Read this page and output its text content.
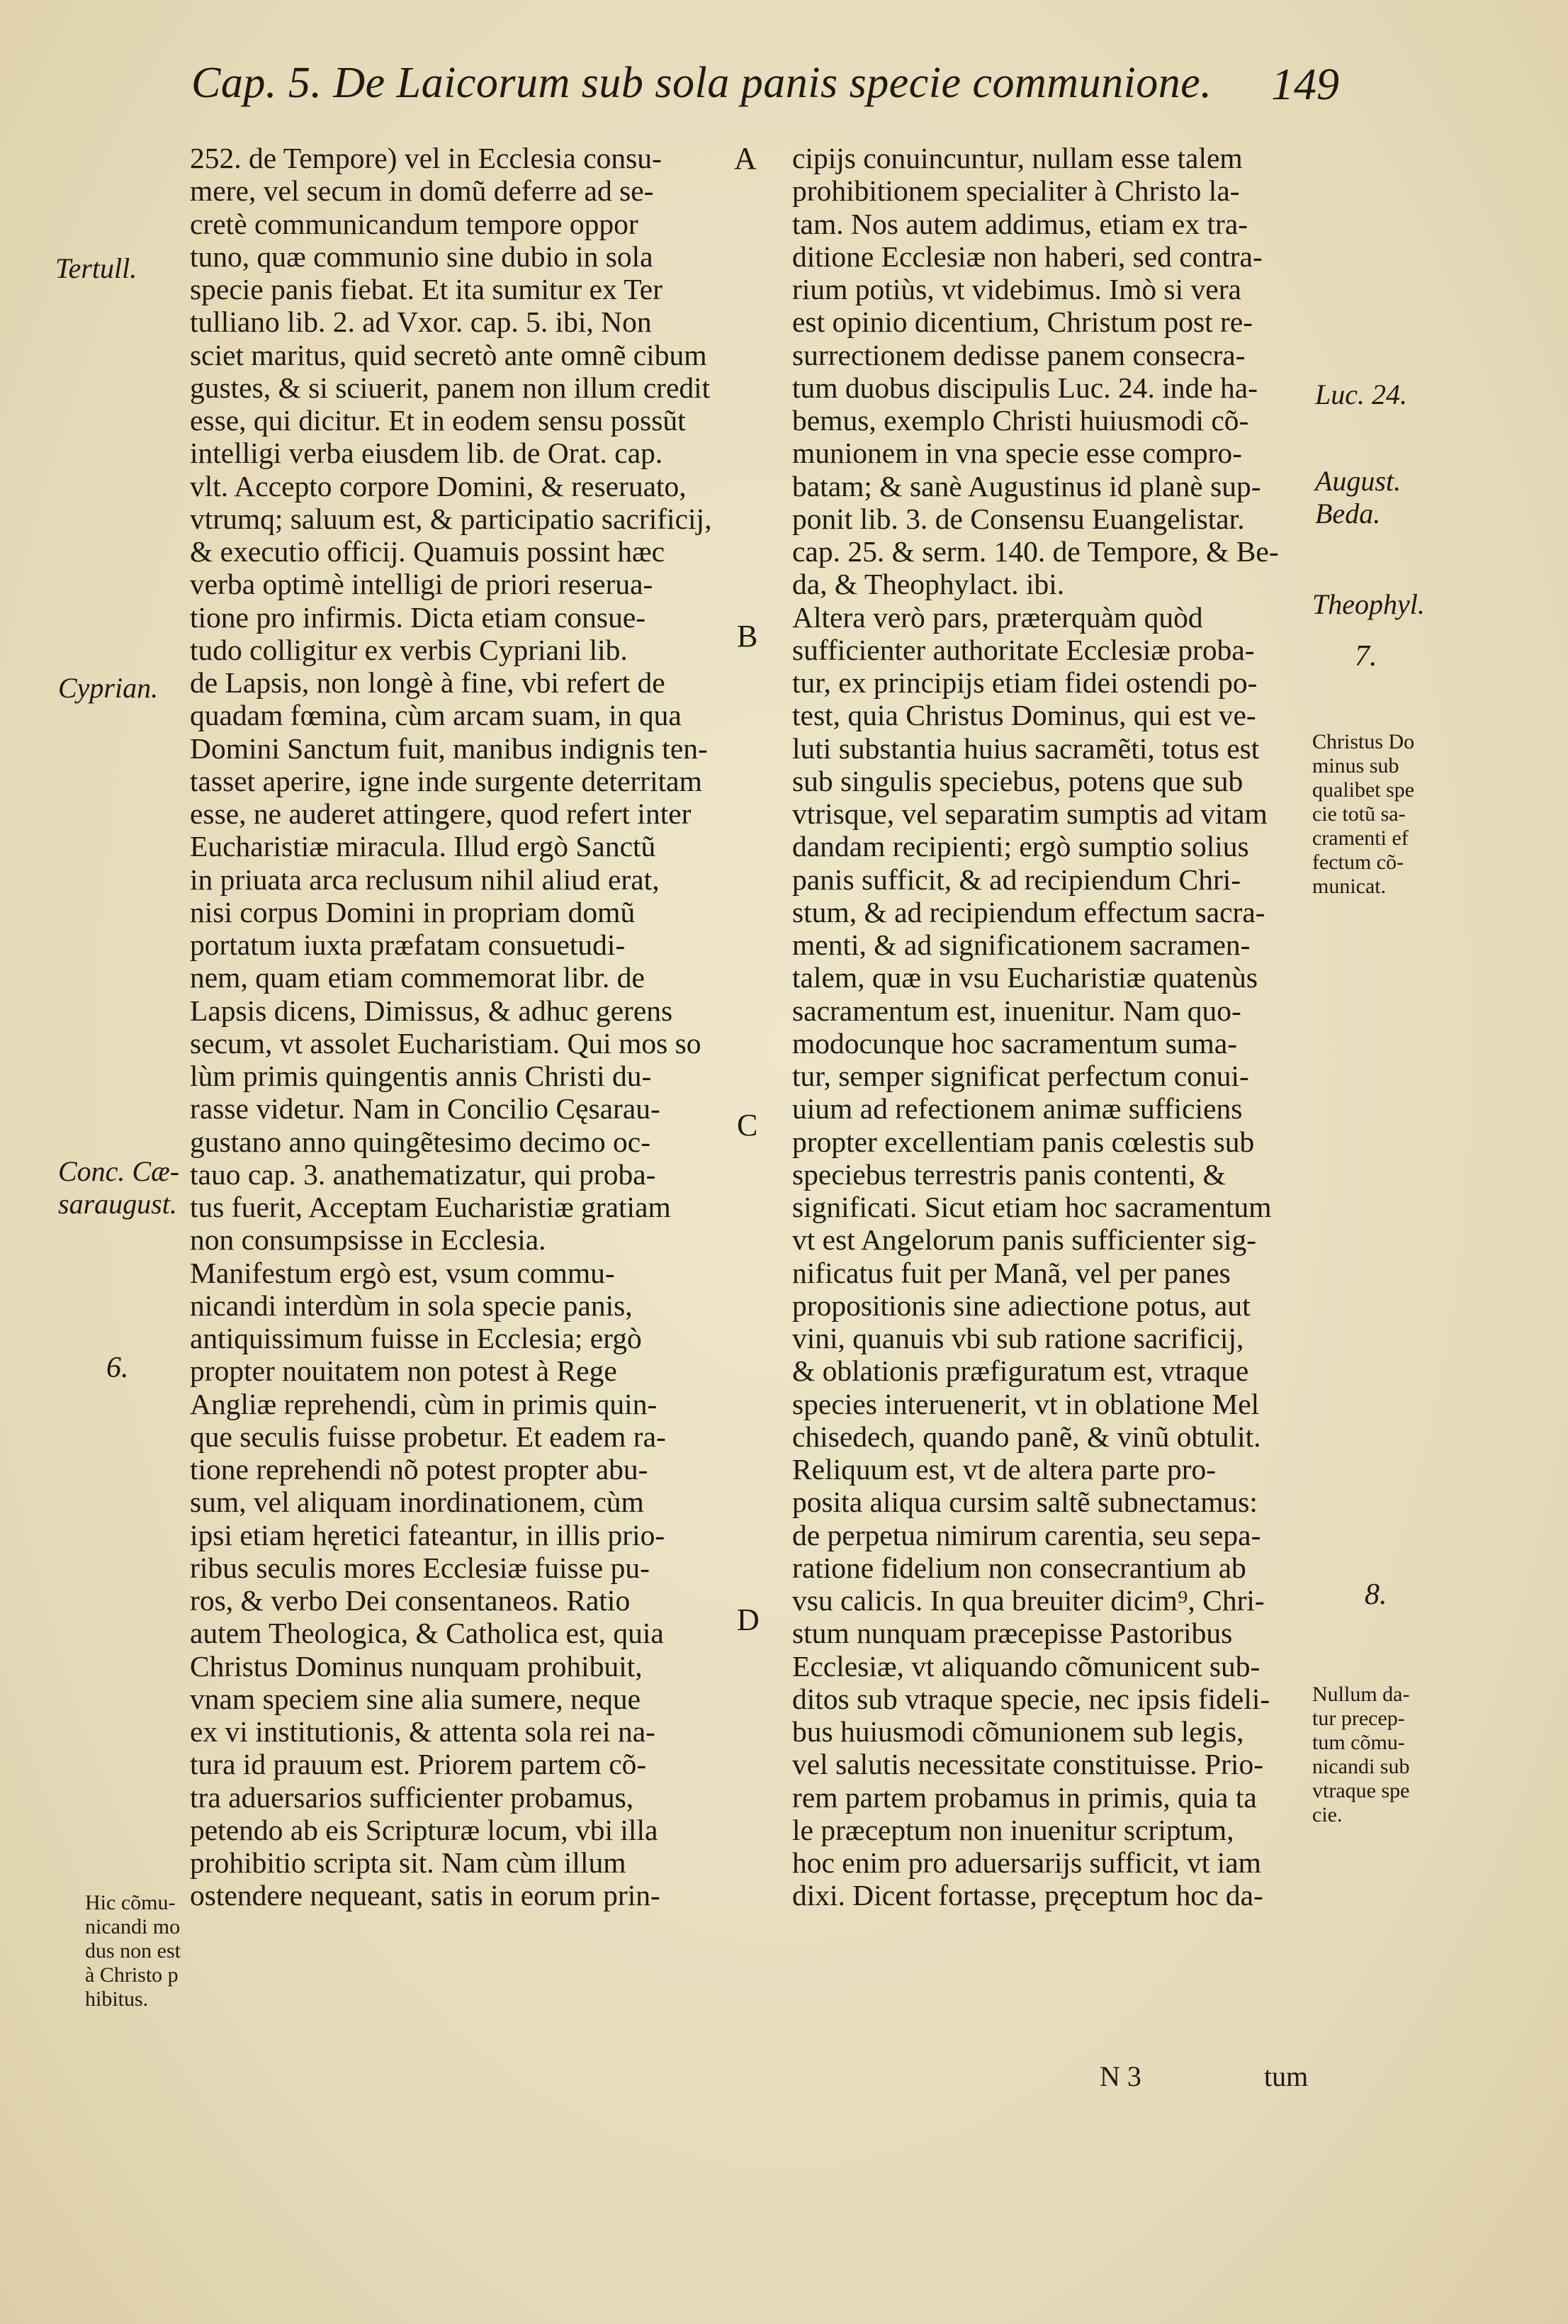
Cap. 5. De Laicorum sub sola panis specie communione. 149
252. de Tempore) vel in Ecclesia consu-
mere, vel secum in domũ deferre ad se-
cretè communicandum tempore oppor
tuno, quæ communio sine dubio in sola
specie panis fiebat. Et ita sumitur ex Ter
tulliano lib. 2. ad Vxor. cap. 5. ibi, Non
sciet maritus, quid secretò ante omnẽ cibum
gustes, & si sciuerit, panem non illum credit
esse, qui dicitur. Et in eodem sensu possũt
intelligi verba eiusdem lib. de Orat. cap.
vlt. Accepto corpore Domini, & reseruato,
vtrumq; saluum est, & participatio sacrificij,
& executio officij. Quamuis possint hæc
verba optimè intelligi de priori reserua-
tione pro infirmis. Dicta etiam consue-
tudo colligitur ex verbis Cypriani lib.
de Lapsis, non longè à fine, vbi refert de
quadam fœmina, cùm arcam suam, in qua
Domini Sanctum fuit, manibus indignis ten-
tasset aperire, igne inde surgente deterritam
esse, ne auderet attingere, quod refert inter
Eucharistiæ miracula. Illud ergò Sanctũ
in priuata arca reclusum nihil aliud erat,
nisi corpus Domini in propriam domũ
portatum iuxta præfatam consuetudi-
nem, quam etiam commemorat libr. de
Lapsis dicens, Dimissus, & adhuc gerens
secum, vt assolet Eucharistiam. Qui mos so
lùm primis quingentis annis Christi du-
rasse videtur. Nam in Concilio Cęsarau-
gustano anno quingẽtesimo decimo oc-
tauo cap. 3. anathematizatur, qui proba-
tus fuerit, Acceptam Eucharistiæ gratiam
non consumpsisse in Ecclesia.
Manifestum ergò est, vsum commu-
nicandi interdùm in sola specie panis,
antiquissimum fuisse in Ecclesia; ergò
propter nouitatem non potest à Rege
Angliæ reprehendi, cùm in primis quin-
que seculis fuisse probetur. Et eadem ra-
tione reprehendi nõ potest propter abu-
sum, vel aliquam inordinationem, cùm
ipsi etiam hęretici fateantur, in illis prio-
ribus seculis mores Ecclesiæ fuisse pu-
ros, & verbo Dei consentaneos. Ratio
autem Theologica, & Catholica est, quia
Christus Dominus nunquam prohibuit,
vnam speciem sine alia sumere, neque
ex vi institutionis, & attenta sola rei na-
tura id prauum est. Priorem partem cõ-
tra aduersarios sufficienter probamus,
petendo ab eis Scripturæ locum, vbi illa
prohibitio scripta sit. Nam cùm illum
ostendere nequeant, satis in eorum prin-
cipijs conuincuntur, nullam esse talem
prohibitionem specialiter à Christo la-
tam. Nos autem addimus, etiam ex tra-
ditione Ecclesiæ non haberi, sed contra-
rium potiùs, vt videbimus. Imò si vera
est opinio dicentium, Christum post re-
surrectionem dedisse panem consecra-
tum duobus discipulis Luc. 24. inde ha-
bemus, exemplo Christi huiusmodi cõ-
munionem in vna specie esse compro-
batam; & sanè Augustinus id planè sup-
ponit lib. 3. de Consensu Euangelistar.
cap. 25. & serm. 140. de Tempore, & Be-
da, & Theophylact. ibi.
Altera verò pars, præterquàm quòd
sufficienter authoritate Ecclesiæ proba-
tur, ex principijs etiam fidei ostendi po-
test, quia Christus Dominus, qui est ve-
luti substantia huius sacramẽti, totus est
sub singulis speciebus, potens que sub
vtrisque, vel separatim sumptis ad vitam
dandam recipienti; ergò sumptio solius
panis sufficit, & ad recipiendum Chri-
stum, & ad recipiendum effectum sacra-
menti, & ad significationem sacramen-
talem, quæ in vsu Eucharistiæ quatenùs
sacramentum est, inuenitur. Nam quo-
modocunque hoc sacramentum suma-
tur, semper significat perfectum conui-
uium ad refectionem animæ sufficiens
propter excellentiam panis cœlestis sub
speciebus terrestris panis contenti, &
significati. Sicut etiam hoc sacramentum
vt est Angelorum panis sufficienter sig-
nificatus fuit per Manã, vel per panes
propositionis sine adiectione potus, aut
vini, quanuis vbi sub ratione sacrificij,
& oblationis præfiguratum est, vtraque
species interuenerit, vt in oblatione Mel
chisedech, quando panẽ, & vinũ obtulit.
Reliquum est, vt de altera parte pro-
posita aliqua cursim saltẽ subnectamus:
de perpetua nimirum carentia, seu sepa-
ratione fidelium non consecrantium ab
vsu calicis. In qua breuiter dicim⁹, Chri-
stum nunquam præcepisse Pastoribus
Ecclesiæ, vt aliquando cõmunicent sub-
ditos sub vtraque specie, nec ipsis fideli-
bus huiusmodi cõmunionem sub legis,
vel salutis necessitate constituisse. Prio-
rem partem probamus in primis, quia ta
le præceptum non inuenitur scriptum,
hoc enim pro aduersarijs sufficit, vt iam
dixi. Dicent fortasse, pręceptum hoc da-
Tertull.
Cyprian.
Conc. Cæ-
saraugust.
6.
Hic cõmu-
nicandi mo
dus non est
à Christo p
hibitus.
Luc. 24.
August.
Beda.
Theophyl.
7.
Christus Do
minus sub
qualibet spe
cie totũ sa-
cramenti ef
fectum cõ-
municat.
8.
Nullum da-
tur precep-
tum cõmu-
nicandi sub
vtraque spe
cie.
A
B
C
D
N 3	tum
